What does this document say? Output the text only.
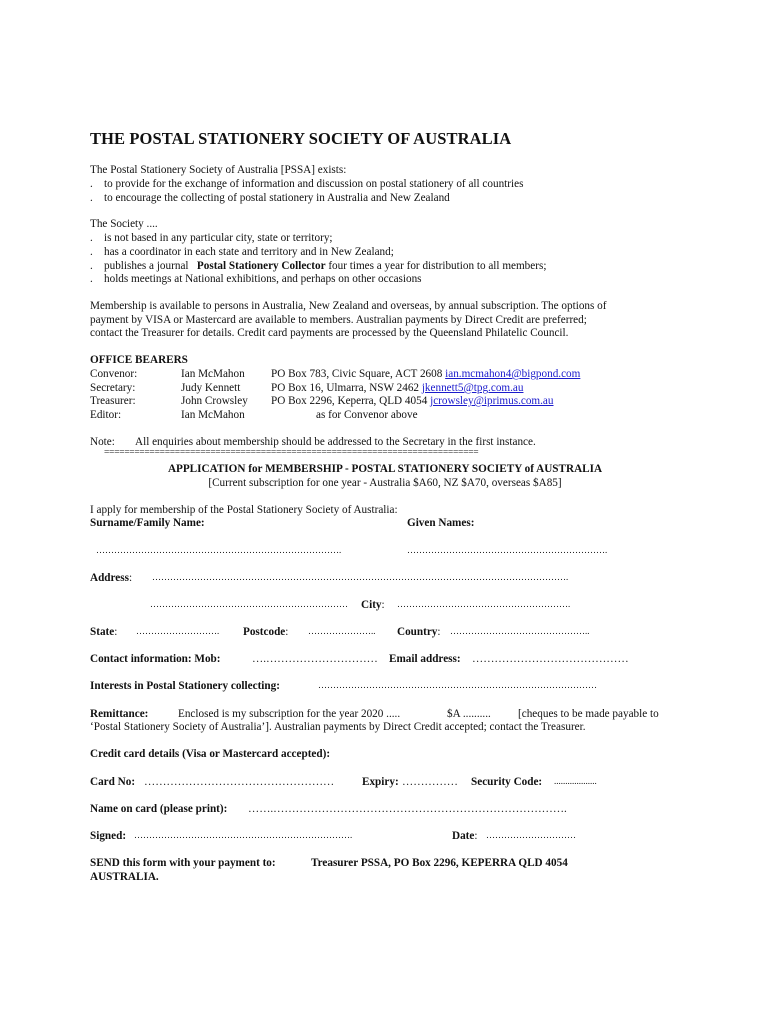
THE POSTAL STATIONERY SOCIETY OF AUSTRALIA
The Postal Stationery Society of Australia [PSSA] exists:
. to provide for the exchange of information and discussion on postal stationery of all countries
. to encourage the collecting of postal stationery in Australia and New Zealand
The Society ....
. is not based in any particular city, state or territory;
. has a coordinator in each state and territory and in New Zealand;
. publishes a journal Postal Stationery Collector four times a year for distribution to all members;
. holds meetings at National exhibitions, and perhaps on other occasions
Membership is available to persons in Australia, New Zealand and overseas, by annual subscription. The options of
payment by VISA or Mastercard are available to members. Australian payments by Direct Credit are preferred;
contact the Treasurer for details. Credit card payments are processed by the Queensland Philatelic Council.
OFFICE BEARERS
Convenor:	Ian McMahon PO Box 783, Civic Square, ACT 2608 ian.mcmahon4@bigpond.com
Secretary:	Judy Kennett	PO Box 16, Ulmarra, NSW 2462 jkennett5@tpg.com.au
Treasurer:	John Crowsley PO Box 2296, Keperra, QLD 4054 jcrowsley@iprimus.com.au
Editor:	Ian McMahon	as for Convenor above
Note: All enquiries about membership should be addressed to the Secretary in the first instance.
==========================================================================
APPLICATION for MEMBERSHIP - POSTAL STATIONERY SOCIETY of AUSTRALIA
[Current subscription for one year - Australia $A60, NZ $A70, overseas $A85]
I apply for membership of the Postal Stationery Society of Australia:
Surname/Family Name:	Given Names:
……………………………………………………………………….	………………………………………………………….
Address: ………………………………………………………………………………………………………………………….
………………………………………………………… City: ………………………………………………….
State: ………………………. Postcode: ………………….. Country: ………………………………………..
Contact information: Mob:	….………………………… Email address: ……………………………………
Interests in Postal Stationery collecting:	…………………………………………………………………………………
Remittance:	Enclosed is my subscription for the year 2020 .....	$A .......... [cheques to be made payable to
‘Postal Stationery Society of Australia’]. Australian payments by Direct Credit accepted; contact the Treasurer.
Credit card details (Visa or Mastercard accepted):
Card No: …………………………………………… Expiry: …………… Security Code: ...................
Name on card (please print): …….…………………………………………………………………….
Signed: ……………………………………………………………….	Date: …………………………
SEND this form with your payment to:	Treasurer PSSA, PO Box 2296, KEPERRA QLD 4054
AUSTRALIA.
